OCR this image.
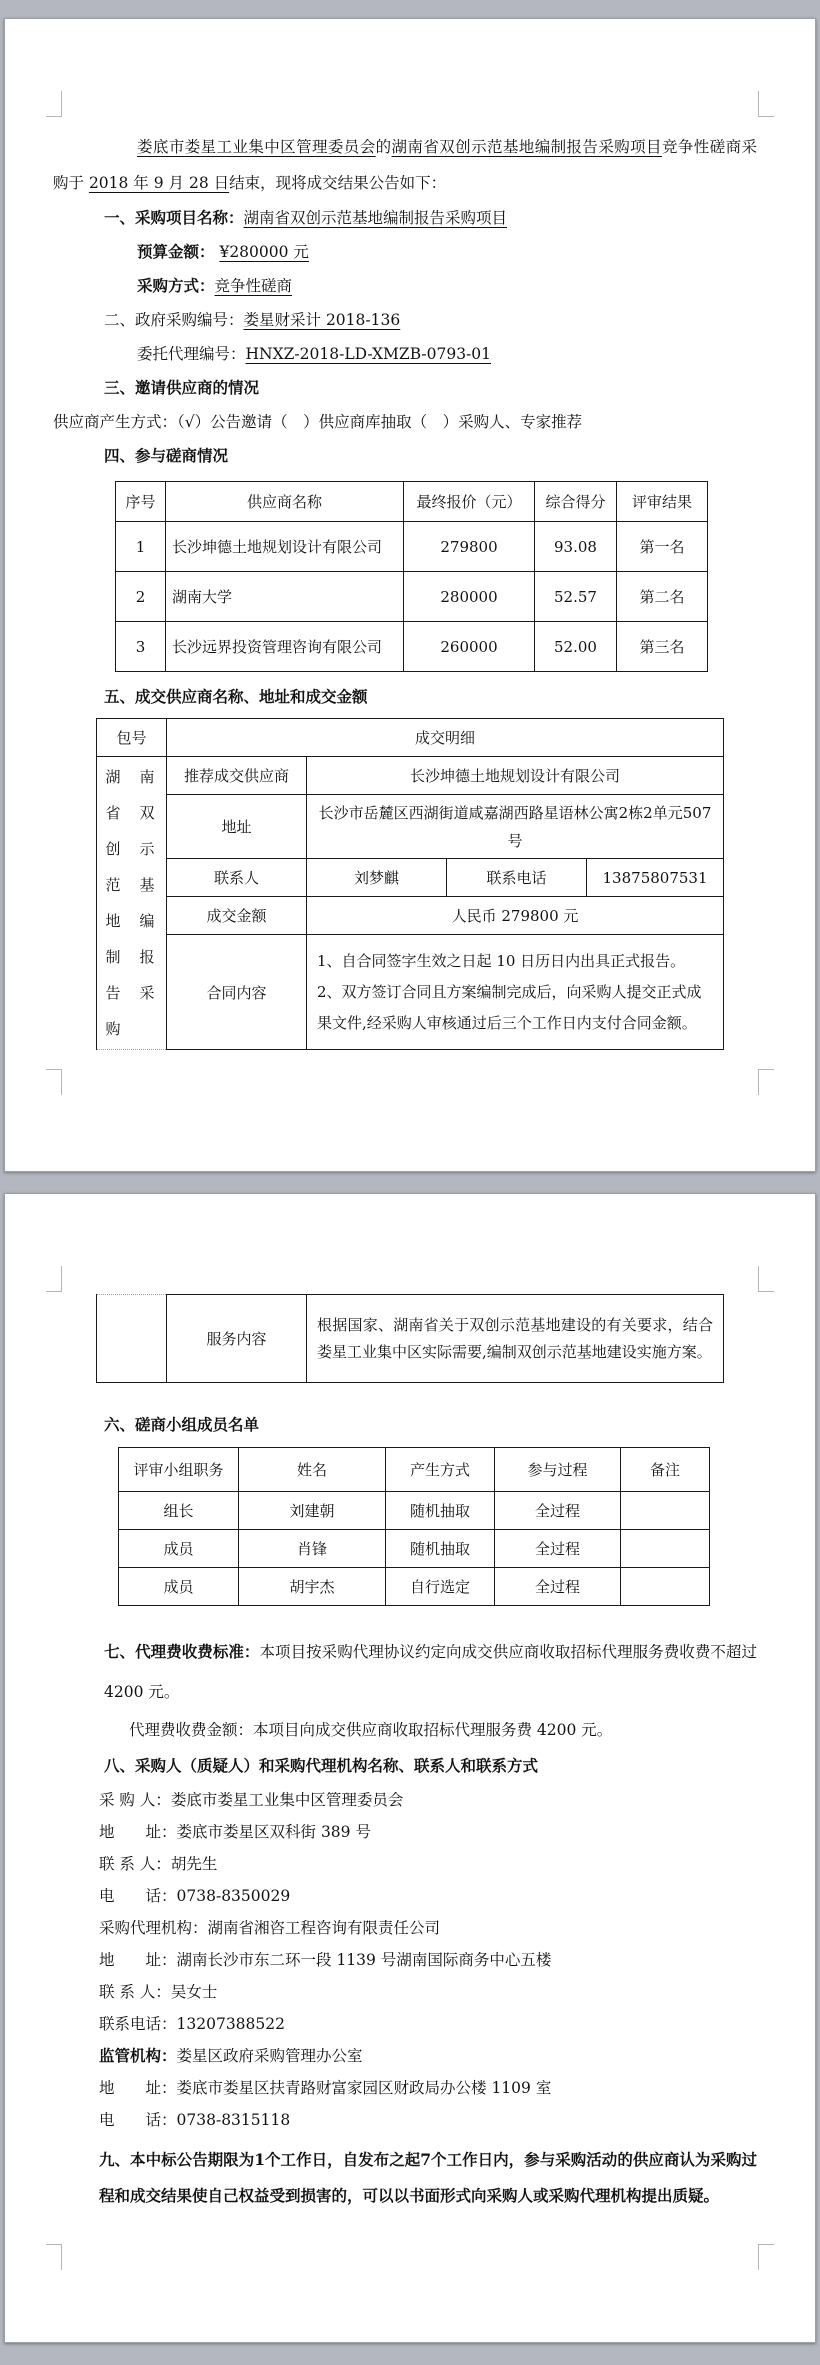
娄底市娄星工业集中区管理委员会的湖南省双创示范基地编制报告采购项目竞争性磋商采购于 2018 年 9 月 28 日结束，现将成交结果公告如下：

一、采购项目名称：湖南省双创示范基地编制报告采购项目
预算金额： ¥280000 元
采购方式：竞争性磋商
二、政府采购编号：娄星财采计 2018-136
委托代理编号：HNXZ-2018-LD-XMZB-0793-01
三、邀请供应商的情况
供应商产生方式：（√）公告邀请（　）供应商库抽取（　）采购人、专家推荐
四、参与磋商情况
序号	供应商名称	最终报价（元）	综合得分	评审结果
1	长沙坤德土地规划设计有限公司	279800	93.08	第一名
2	湖南大学	280000	52.57	第二名
3	长沙远界投资管理咨询有限公司	260000	52.00	第三名
五、成交供应商名称、地址和成交金额
包号	成交明细			
湖南省双创示范基地编制报告采购	推荐成交供应商	长沙坤德土地规划设计有限公司		
	地址	长沙市岳麓区西湖街道咸嘉湖西路星语林公寓2栋2单元507号		
	联系人	刘梦麒	联系电话	13875807531
	成交金额	人民币 279800 元		
	合同内容	1、自合同签字生效之日起 10 日历日内出具正式报告。
2、双方签订合同且方案编制完成后，向采购人提交正式成果文件,经采购人审核通过后三个工作日内支付合同金额。		
	服务内容	根据国家、湖南省关于双创示范基地建设的有关要求，结合娄星工业集中区实际需要,编制双创示范基地建设实施方案。
六、磋商小组成员名单
评审小组职务	姓名	产生方式	参与过程	备注
组长	刘建朝	随机抽取	全过程	
成员	肖锋	随机抽取	全过程	
成员	胡宇杰	自行选定	全过程	

七、代理费收费标准：本项目按采购代理协议约定向成交供应商收取招标代理服务费收费不超过 4200 元。

代理费收费金额：本项目向成交供应商收取招标代理服务费 4200 元。
八、采购人（质疑人）和采购代理机构名称、联系人和联系方式
采 购 人：娄底市娄星工业集中区管理委员会
地　　址：娄底市娄星区双科街 389 号
联 系 人：胡先生
电　　话：0738-8350029
采购代理机构：湖南省湘咨工程咨询有限责任公司
地　　址：湖南长沙市东二环一段 1139 号湖南国际商务中心五楼
联 系 人：吴女士
联系电话：13207388522
监管机构：娄星区政府采购管理办公室
地　　址：娄底市娄星区扶青路财富家园区财政局办公楼 1109 室
电　　话：0738-8315118

九、本中标公告期限为1个工作日，自发布之起7个工作日内，参与采购活动的供应商认为采购过程和成交结果使自己权益受到损害的，可以以书面形式向采购人或采购代理机构提出质疑。
